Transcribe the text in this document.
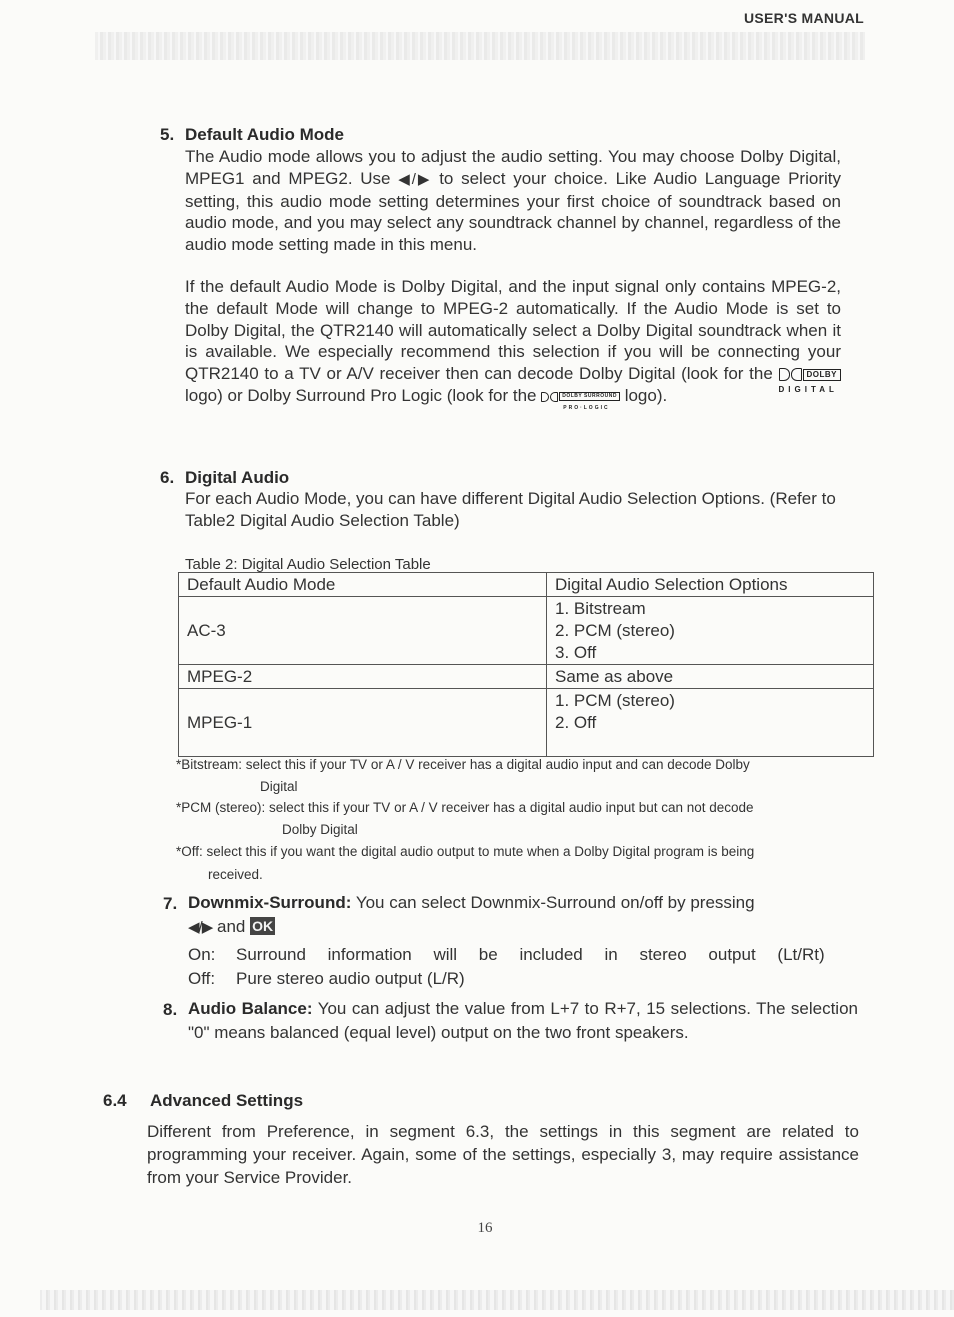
USER'S MANUAL
5. Default Audio Mode
The Audio mode allows you to adjust the audio setting. You may choose Dolby Digital, MPEG1 and MPEG2. Use ◀/▶ to select your choice. Like Audio Language Priority setting, this audio mode setting determines your first choice of soundtrack based on audio mode, and you may select any soundtrack channel by channel, regardless of the audio mode setting made in this menu.
If the default Audio Mode is Dolby Digital, and the input signal only contains MPEG-2, the default Mode will change to MPEG-2 automatically. If the Audio Mode is set to Dolby Digital, the QTR2140 will automatically select a Dolby Digital soundtrack when it is available. We especially recommend this selection if you will be connecting your QTR2140 to a TV or A/V receiver then can decode Dolby Digital (look for the	DOLBY
DIGITAL
logo) or Dolby Surround Pro Logic (look for the	DOLBY SURROUND
PRO·LOGIC
logo).
6. Digital Audio
For each Audio Mode, you can have different Digital Audio Selection Options. (Refer to Table2 Digital Audio Selection Table)
Table 2: Digital Audio Selection Table
Default Audio Mode	Digital Audio Selection Options
AC-3	1. Bitstream
2. PCM (stereo)
3. Off

MPEG-2	Same as above

MPEG-1	1. PCM (stereo)
2. Off
*Bitstream: select this if your TV or A / V receiver has a digital audio input and can decode Dolby
Digital
*PCM (stereo): select this if your TV or A / V receiver has a digital audio input but can not decode
Dolby Digital
*Off: select this if you want the digital audio output to mute when a Dolby Digital program is being
received.
7. Downmix-Surround: You can select Downmix-Surround on/off by pressing
◀/▶ and OK
On: Surround information will be included in stereo output (Lt/Rt)
Off: Pure stereo audio output (L/R)
8. Audio Balance: You can adjust the value from L+7 to R+7, 15 selections. The selection "0" means balanced (equal level) output on the two front speakers.
6.4 Advanced Settings
Different from Preference, in segment 6.3, the settings in this segment are related to programming your receiver. Again, some of the settings, especially 3, may require assistance from your Service Provider.
16
